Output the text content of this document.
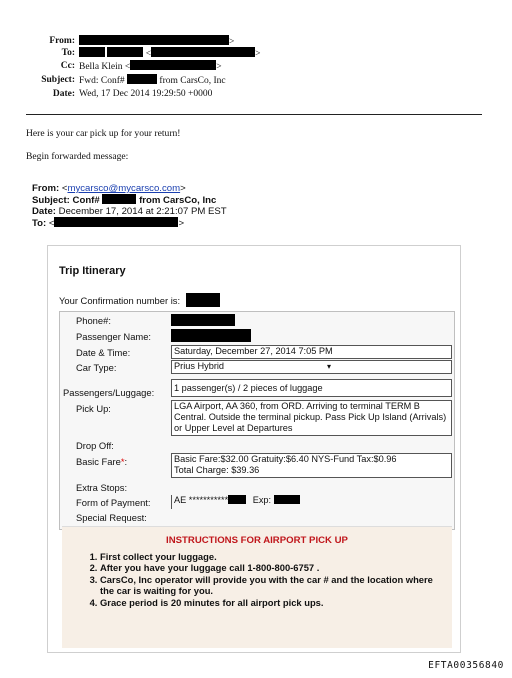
From:	>
To:	<	>
Cc: Bella Klein <	>
Subject: Fwd: Conf#	from CarsCo, Inc
Date: Wed, 17 Dec 2014 19:29:50 +0000
Here is your car pick up for your return!
Begin forwarded message:
From: <mycarsco@mycarsco.com>
Subject: Conf#	from CarsCo, Inc
Date: December 17, 2014 at 2:21:07 PM EST
To: <	>
Trip Itinerary
Your Confirmation number is:
Phone#:
Passenger Name:
Date & Time:	Saturday, December 27, 2014 7:05 PM
Car Type:	Prius Hybrid	▾
Passengers/Luggage:	1 passenger(s) / 2 pieces of luggage
Pick Up:	LGA Airport, AA 360, from ORD. Arriving to terminal TERM B Central. Outside the terminal pickup. Pass Pick Up Island (Arrivals) or Upper Level at Departures
Drop Off:
Basic Fare*:	Basic Fare:$32.00 Gratuity:$6.40 NYS-Fund Tax:$0.96
Total Charge: $39.36
Extra Stops:
Form of Payment:	AE ***********	Exp:
Special Request:
INSTRUCTIONS FOR AIRPORT PICK UP
1. First collect your luggage.
2. After you have your luggage call 1-800-800-6757 .
3. CarsCo, Inc operator will provide you with the car # and the location where the car is waiting for you.
4. Grace period is 20 minutes for all airport pick ups.
EFTA00356840
